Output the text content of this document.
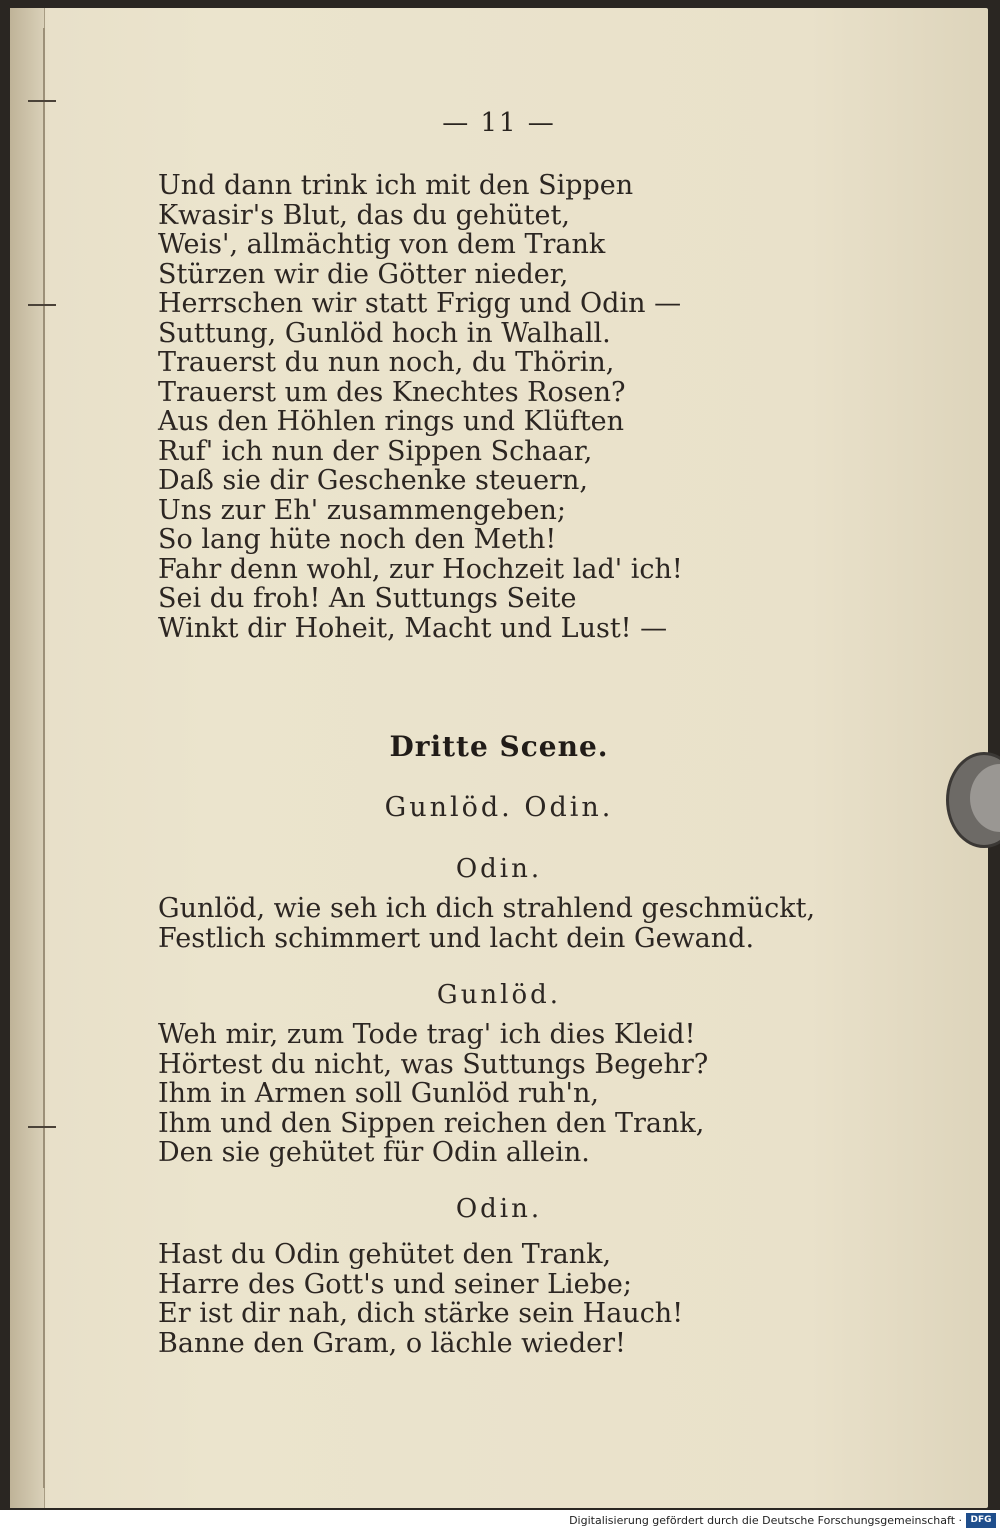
— 11 —
Und dann trink ich mit den Sippen
Kwasir's Blut, das du gehütet,
Weis', allmächtig von dem Trank
Stürzen wir die Götter nieder,
Herrschen wir statt Frigg und Odin —
Suttung, Gunlöd hoch in Walhall.
Trauerst du nun noch, du Thörin,
Trauerst um des Knechtes Rosen?
Aus den Höhlen rings und Klüften
Ruf' ich nun der Sippen Schaar,
Daß sie dir Geschenke steuern,
Uns zur Eh' zusammengeben;
So lang hüte noch den Meth!
Fahr denn wohl, zur Hochzeit lad' ich!
Sei du froh! An Suttungs Seite
Winkt dir Hoheit, Macht und Lust! —
Dritte Scene.
Gunlöd. Odin.
Odin.
Gunlöd, wie seh ich dich strahlend geschmückt,
Festlich schimmert und lacht dein Gewand.
Gunlöd.
Weh mir, zum Tode trag' ich dies Kleid!
Hörtest du nicht, was Suttungs Begehr?
Ihm in Armen soll Gunlöd ruh'n,
Ihm und den Sippen reichen den Trank,
Den sie gehütet für Odin allein.
Odin.
Hast du Odin gehütet den Trank,
Harre des Gott's und seiner Liebe;
Er ist dir nah, dich stärke sein Hauch!
Banne den Gram, o lächle wieder!
Digitalisierung gefördert durch die Deutsche Forschungsgemeinschaft · DFG
